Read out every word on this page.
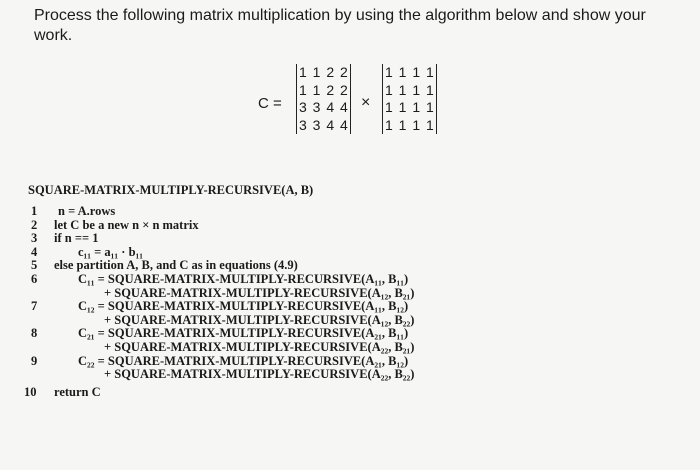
Process the following matrix multiplication by using the algorithm below and show your work.
C =
1 1 2 2
1 1 2 2
3 3 4 4
3 3 4 4
×
1 1 1 1
1 1 1 1
1 1 1 1
1 1 1 1
SQUARE-MATRIX-MULTIPLY-RECURSIVE(A, B)
1	n = A.rows
2	let C be a new n × n matrix
3	if n == 1
4	c₁₁ = a₁₁ · b₁₁
5	else partition A, B, and C as in equations (4.9)
6	C₁₁ = SQUARE-MATRIX-MULTIPLY-RECURSIVE(A₁₁, B₁₁)
+ SQUARE-MATRIX-MULTIPLY-RECURSIVE(A₁₂, B₂₁)
7	C₁₂ = SQUARE-MATRIX-MULTIPLY-RECURSIVE(A₁₁, B₁₂)
+ SQUARE-MATRIX-MULTIPLY-RECURSIVE(A₁₂, B₂₂)
8	C₂₁ = SQUARE-MATRIX-MULTIPLY-RECURSIVE(A₂₁, B₁₁)
+ SQUARE-MATRIX-MULTIPLY-RECURSIVE(A₂₂, B₂₁)
9	C₂₂ = SQUARE-MATRIX-MULTIPLY-RECURSIVE(A₂₁, B₁₂)
+ SQUARE-MATRIX-MULTIPLY-RECURSIVE(A₂₂, B₂₂)
10 return C
